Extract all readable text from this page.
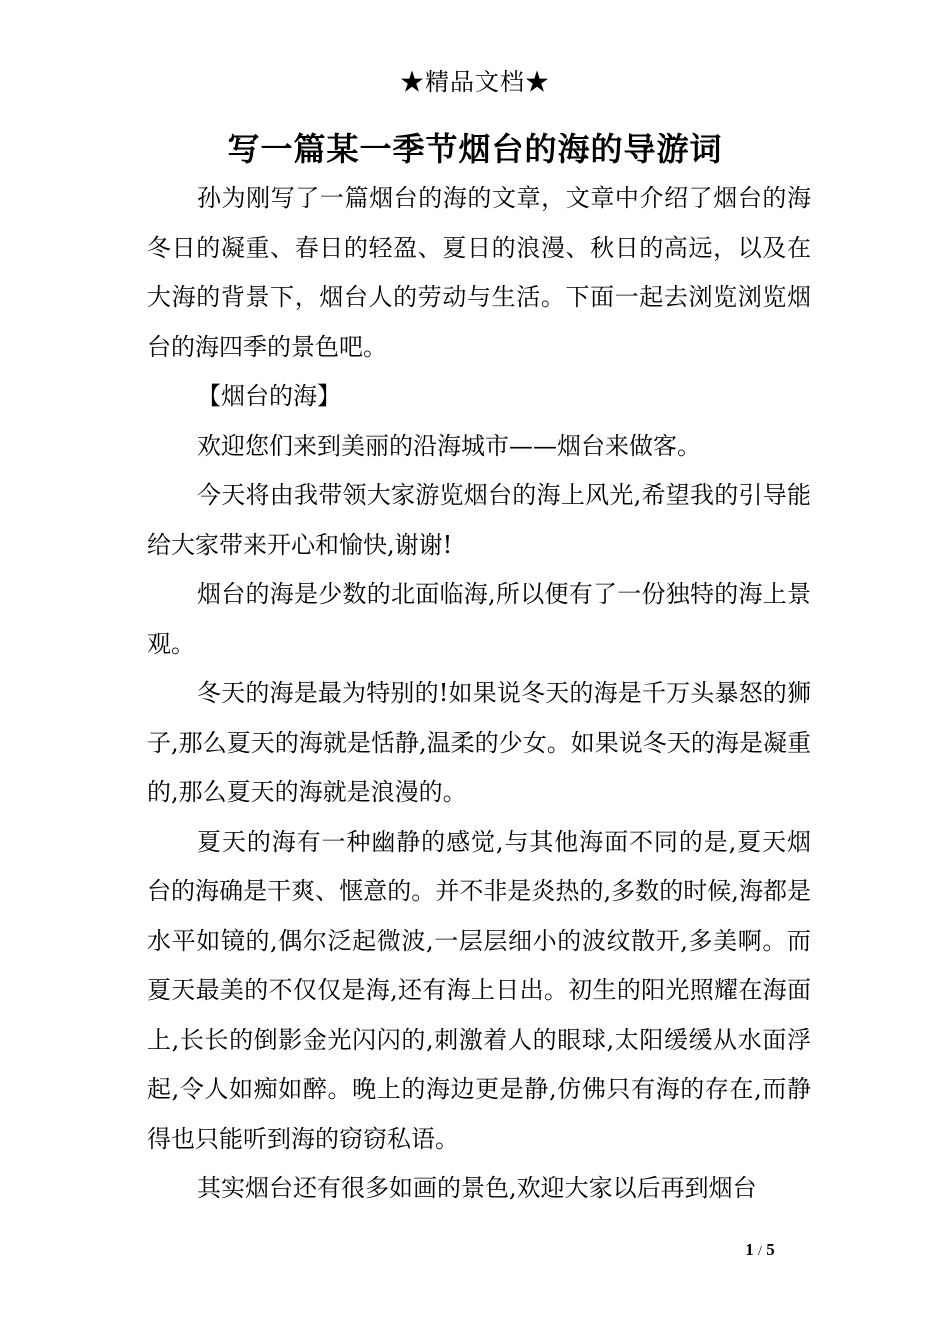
★精品文档★
写一篇某一季节烟台的海的导游词

孙为刚写了一篇烟台的海的文章，文章中介绍了烟台的海冬日的凝重、春日的轻盈、夏日的浪漫、秋日的高远，以及在大海的背景下，烟台人的劳动与生活。下面一起去浏览浏览烟台的海四季的景色吧。

【烟台的海】

欢迎您们来到美丽的沿海城市——烟台来做客。

今天将由我带领大家游览烟台的海上风光,希望我的引导能给大家带来开心和愉快,谢谢!

烟台的海是少数的北面临海,所以便有了一份独特的海上景观。

冬天的海是最为特别的!如果说冬天的海是千万头暴怒的狮子,那么夏天的海就是恬静,温柔的少女。如果说冬天的海是凝重的,那么夏天的海就是浪漫的。

夏天的海有一种幽静的感觉,与其他海面不同的是,夏天烟台的海确是干爽、惬意的。并不非是炎热的,多数的时候,海都是水平如镜的,偶尔泛起微波,一层层细小的波纹散开,多美啊。而夏天最美的不仅仅是海,还有海上日出。初生的阳光照耀在海面上,长长的倒影金光闪闪的,刺激着人的眼球,太阳缓缓从水面浮起,令人如痴如醉。晚上的海边更是静,仿佛只有海的存在,而静得也只能听到海的窃窃私语。

其实烟台还有很多如画的景色,欢迎大家以后再到烟台

1 / 5
